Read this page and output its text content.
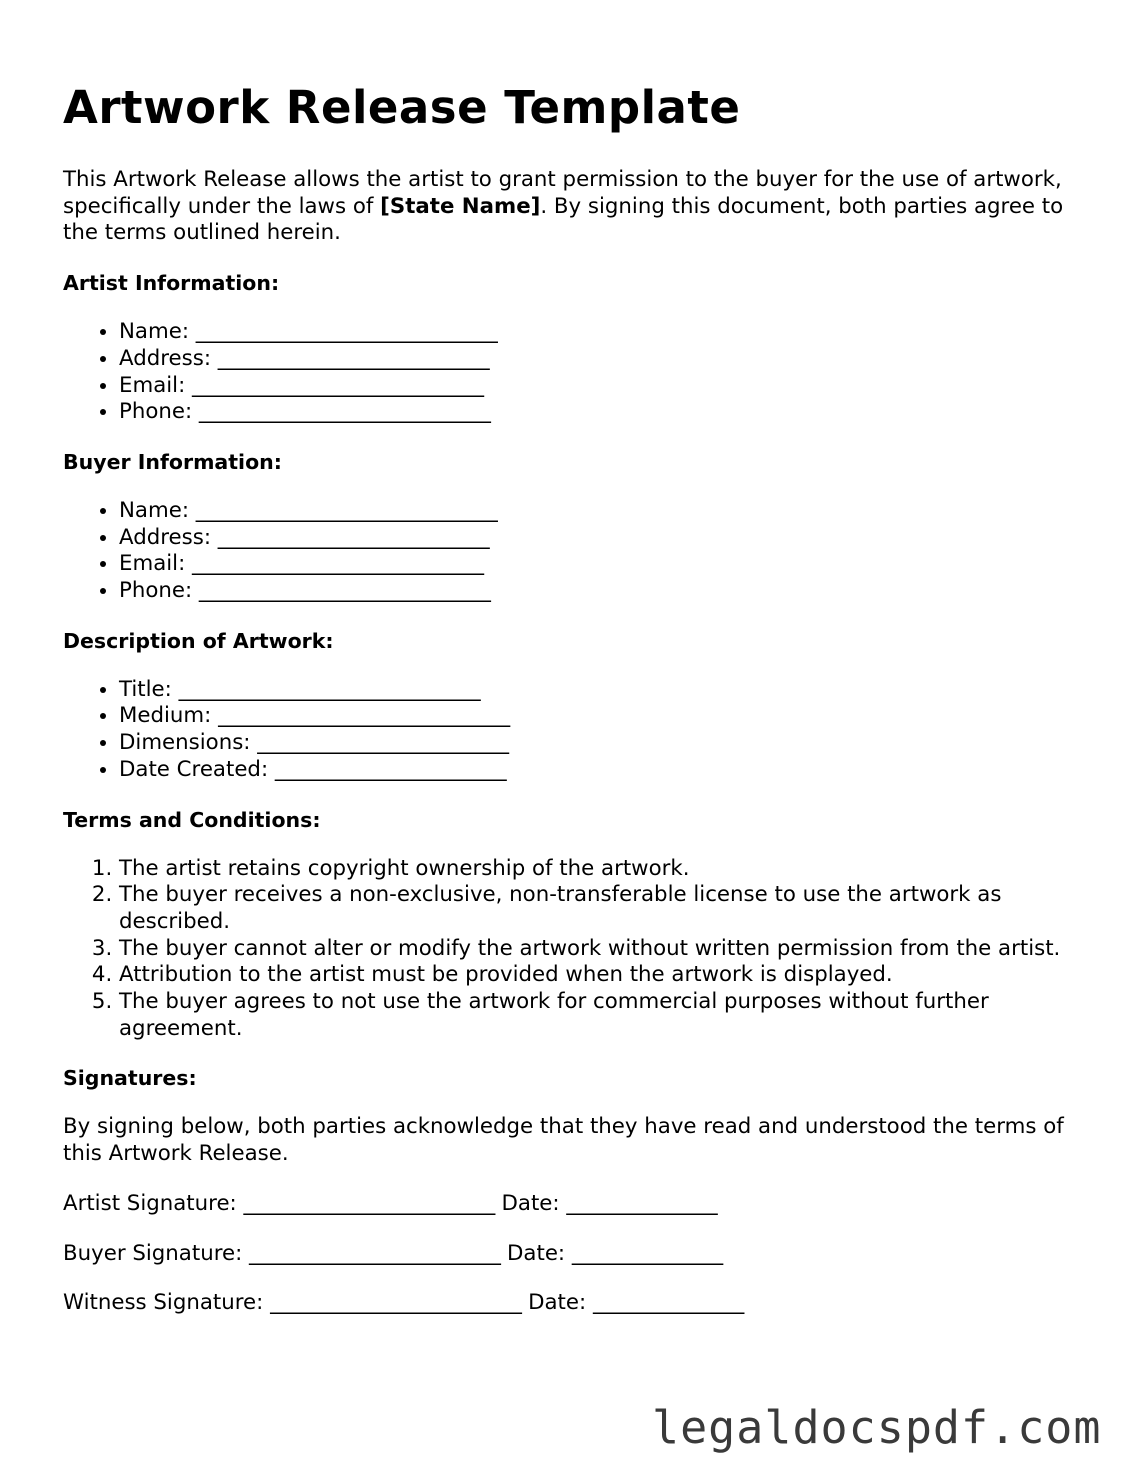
Artwork Release Template

This Artwork Release allows the artist to grant permission to the buyer for the use of artwork, specifically under the laws of [State Name]. By signing this document, both parties agree to the terms outlined herein.

Artist Information:
• Name: ______________________________
• Address: ___________________________
• Email: _____________________________
• Phone: _____________________________
Buyer Information:
• Name: ______________________________
• Address: ___________________________
• Email: _____________________________
• Phone: _____________________________
Description of Artwork:
• Title: ______________________________
• Medium: _____________________________
• Dimensions: _________________________
• Date Created: _______________________
Terms and Conditions:
1. The artist retains copyright ownership of the artwork.
2. The buyer receives a non-exclusive, non-transferable license to use the artwork as described.
3. The buyer cannot alter or modify the artwork without written permission from the artist.
4. Attribution to the artist must be provided when the artwork is displayed.
5. The buyer agrees to not use the artwork for commercial purposes without further agreement.
Signatures:

By signing below, both parties acknowledge that they have read and understood the terms of this Artwork Release.

Artist Signature: _________________________ Date: _______________

Buyer Signature: _________________________ Date: _______________

Witness Signature: _________________________ Date: _______________

legaldocspdf.com
